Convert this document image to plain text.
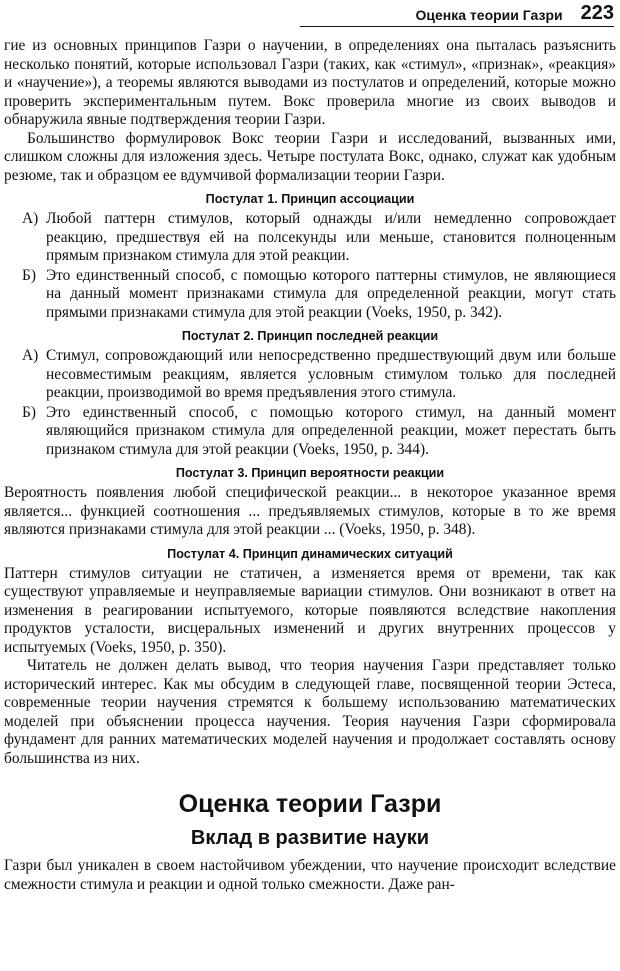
Оценка теории Газри 223

гие из основных принципов Газри о научении, в определениях она пыталась разъяснить несколько понятий, которые использовал Газри (таких, как «стимул», «признак», «реакция» и «научение»), а теоремы являются выводами из постулатов и определений, которые можно проверить экспериментальным путем. Вокс проверила многие из своих выводов и обнаружила явные подтверждения теории Газри.

Большинство формулировок Вокс теории Газри и исследований, вызванных ими, слишком сложны для изложения здесь. Четыре постулата Вокс, однако, служат как удобным резюме, так и образцом ее вдумчивой формализации теории Газри.

Постулат 1. Принцип ассоциации
А) Любой паттерн стимулов, который однажды и/или немедленно сопровождает реакцию, предшествуя ей на полсекунды или меньше, становится полноценным прямым признаком стимула для этой реакции.

Б) Это единственный способ, с помощью которого паттерны стимулов, не являющиеся на данный момент признаками стимула для определенной реакции, могут стать прямыми признаками стимула для этой реакции (Voeks, 1950, p. 342).

Постулат 2. Принцип последней реакции
А) Стимул, сопровождающий или непосредственно предшествующий двум или больше несовместимым реакциям, является условным стимулом только для последней реакции, производимой во время предъявления этого стимула.

Б) Это единственный способ, с помощью которого стимул, на данный момент являющийся признаком стимула для определенной реакции, может перестать быть признаком стимула для этой реакции (Voeks, 1950, p. 344).

Постулат 3. Принцип вероятности реакции

Вероятность появления любой специфической реакции... в некоторое указанное время является... функцией соотношения ... предъявляемых стимулов, которые в то же время являются признаками стимула для этой реакции ... (Voeks, 1950, p. 348).

Постулат 4. Принцип динамических ситуаций

Паттерн стимулов ситуации не статичен, а изменяется время от времени, так как существуют управляемые и неуправляемые вариации стимулов. Они возникают в ответ на изменения в реагировании испытуемого, которые появляются вследствие накопления продуктов усталости, висцеральных изменений и других внутренних процессов у испытуемых (Voeks, 1950, p. 350).

Читатель не должен делать вывод, что теория научения Газри представляет только исторический интерес. Как мы обсудим в следующей главе, посвященной теории Эстеса, современные теории научения стремятся к большему использованию математических моделей при объяснении процесса научения. Теория научения Газри сформировала фундамент для ранних математических моделей научения и продолжает составлять основу большинства из них.

Оценка теории Газри
Вклад в развитие науки

Газри был уникален в своем настойчивом убеждении, что научение происходит вследствие смежности стимула и реакции и одной только смежности. Даже ран-
